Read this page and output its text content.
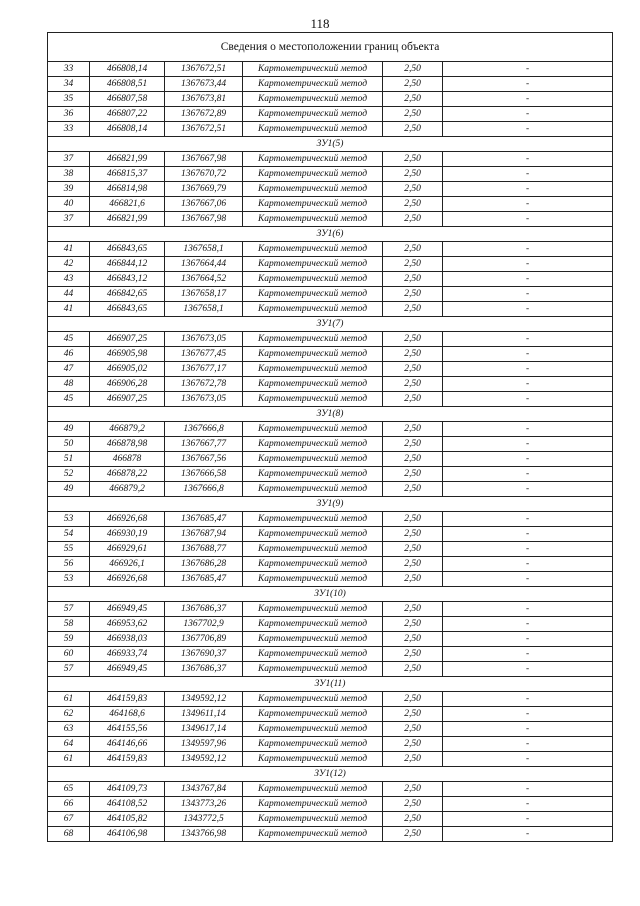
118
Сведения о местоположении границ объекта					
33	466808,14	1367672,51	Картометрический метод	2,50	-
34	466808,51	1367673,44	Картометрический метод	2,50	-
35	466807,58	1367673,81	Картометрический метод	2,50	-
36	466807,22	1367672,89	Картометрический метод	2,50	-
33	466808,14	1367672,51	Картометрический метод	2,50	-
ЗУ1(5)					
37	466821,99	1367667,98	Картометрический метод	2,50	-
38	466815,37	1367670,72	Картометрический метод	2,50	-
39	466814,98	1367669,79	Картометрический метод	2,50	-
40	466821,6	1367667,06	Картометрический метод	2,50	-
37	466821,99	1367667,98	Картометрический метод	2,50	-
ЗУ1(6)					
41	466843,65	1367658,1	Картометрический метод	2,50	-
42	466844,12	1367664,44	Картометрический метод	2,50	-
43	466843,12	1367664,52	Картометрический метод	2,50	-
44	466842,65	1367658,17	Картометрический метод	2,50	-
41	466843,65	1367658,1	Картометрический метод	2,50	-
ЗУ1(7)					
45	466907,25	1367673,05	Картометрический метод	2,50	-
46	466905,98	1367677,45	Картометрический метод	2,50	-
47	466905,02	1367677,17	Картометрический метод	2,50	-
48	466906,28	1367672,78	Картометрический метод	2,50	-
45	466907,25	1367673,05	Картометрический метод	2,50	-
ЗУ1(8)					
49	466879,2	1367666,8	Картометрический метод	2,50	-
50	466878,98	1367667,77	Картометрический метод	2,50	-
51	466878	1367667,56	Картометрический метод	2,50	-
52	466878,22	1367666,58	Картометрический метод	2,50	-
49	466879,2	1367666,8	Картометрический метод	2,50	-
ЗУ1(9)					
53	466926,68	1367685,47	Картометрический метод	2,50	-
54	466930,19	1367687,94	Картометрический метод	2,50	-
55	466929,61	1367688,77	Картометрический метод	2,50	-
56	466926,1	1367686,28	Картометрический метод	2,50	-
53	466926,68	1367685,47	Картометрический метод	2,50	-
ЗУ1(10)					
57	466949,45	1367686,37	Картометрический метод	2,50	-
58	466953,62	1367702,9	Картометрический метод	2,50	-
59	466938,03	1367706,89	Картометрический метод	2,50	-
60	466933,74	1367690,37	Картометрический метод	2,50	-
57	466949,45	1367686,37	Картометрический метод	2,50	-
ЗУ1(11)					
61	464159,83	1349592,12	Картометрический метод	2,50	-
62	464168,6	1349611,14	Картометрический метод	2,50	-
63	464155,56	1349617,14	Картометрический метод	2,50	-
64	464146,66	1349597,96	Картометрический метод	2,50	-
61	464159,83	1349592,12	Картометрический метод	2,50	-
ЗУ1(12)					
65	464109,73	1343767,84	Картометрический метод	2,50	-
66	464108,52	1343773,26	Картометрический метод	2,50	-
67	464105,82	1343772,5	Картометрический метод	2,50	-
68	464106,98	1343766,98	Картометрический метод	2,50	-
